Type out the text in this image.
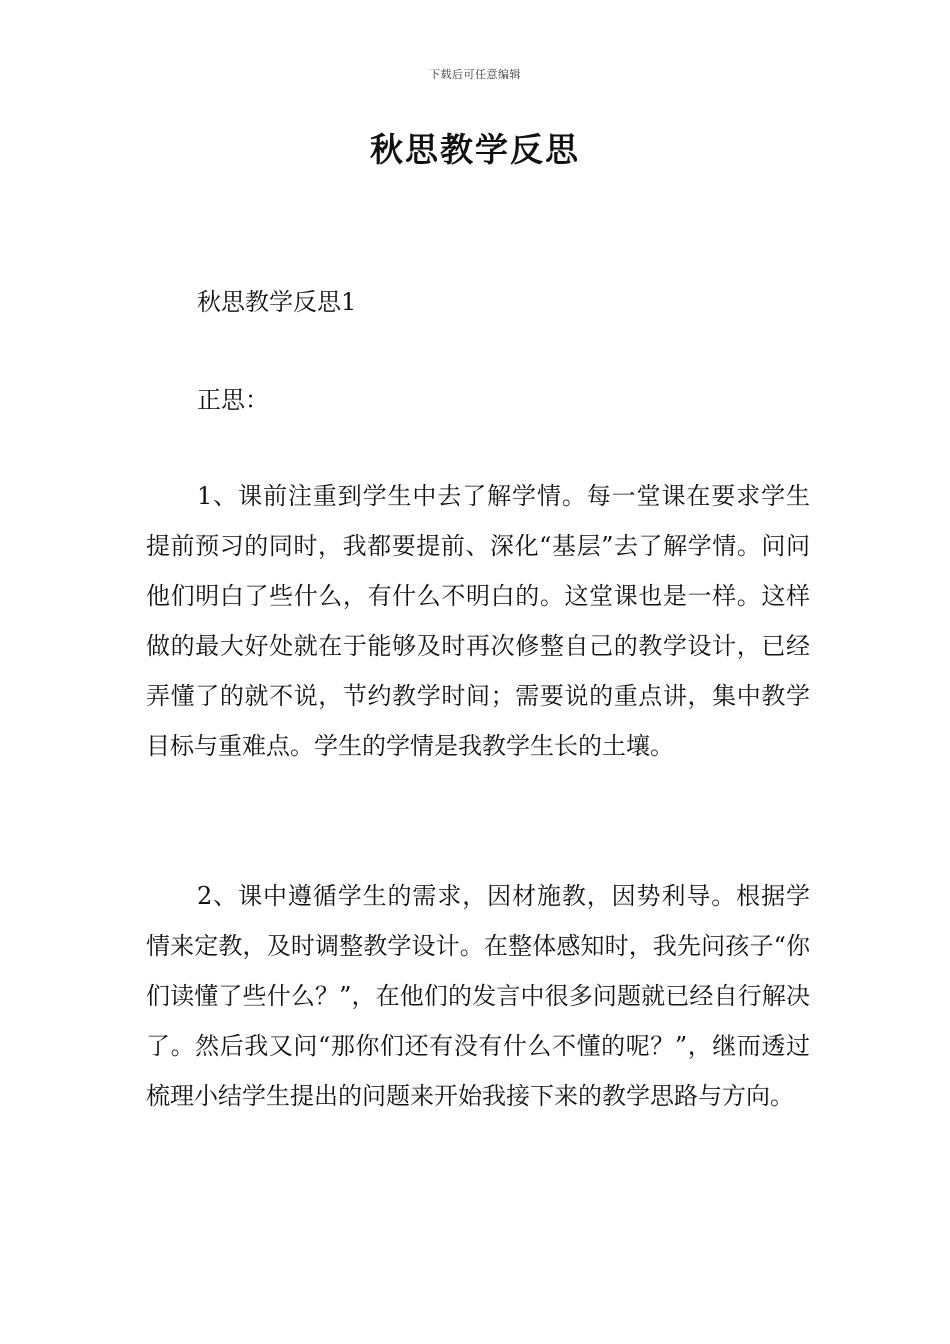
下载后可任意编辑
秋思教学反思

秋思教学反思1

正思：

1、课前注重到学生中去了解学情。每一堂课在要求学生提前预习的同时，我都要提前、深化“基层”去了解学情。问问他们明白了些什么，有什么不明白的。这堂课也是一样。这样做的最大好处就在于能够及时再次修整自己的教学设计，已经弄懂了的就不说，节约教学时间；需要说的重点讲，集中教学目标与重难点。学生的学情是我教学生长的土壤。

2、课中遵循学生的需求，因材施教，因势利导。根据学情来定教，及时调整教学设计。在整体感知时，我先问孩子“你们读懂了些什么？”，在他们的发言中很多问题就已经自行解决了。然后我又问“那你们还有没有什么不懂的呢？”，继而透过梳理小结学生提出的问题来开始我接下来的教学思路与方向。
